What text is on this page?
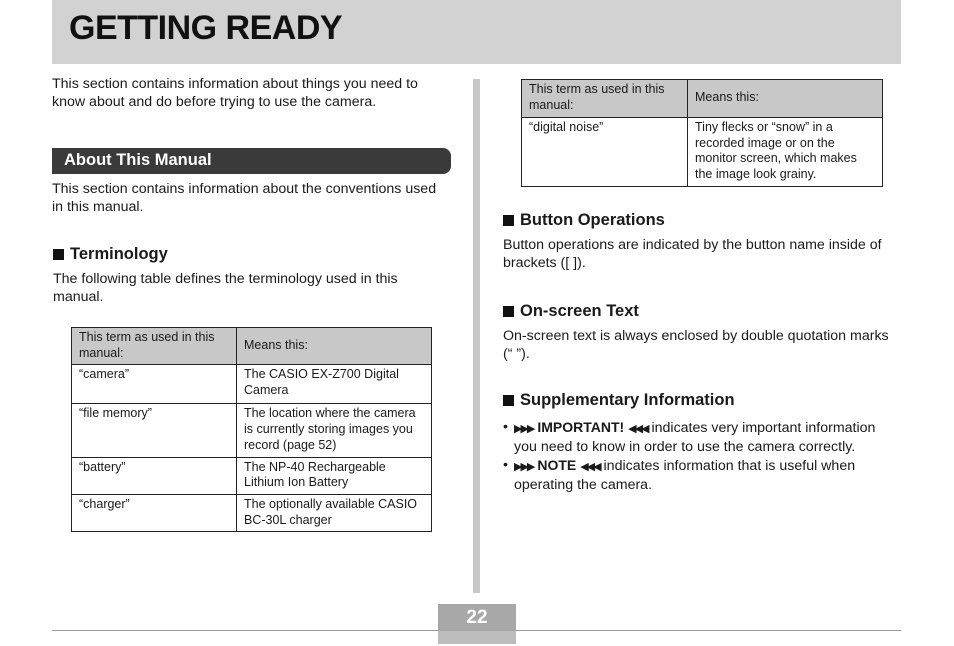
GETTING READY

This section contains information about things you need to know about and do before trying to use the camera.

About This Manual

This section contains information about the conventions used in this manual.

Terminology

The following table defines the terminology used in this manual.

This term as used in this manual:	Means this:
“camera”	The CASIO EX-Z700 Digital Camera
“file memory”	The location where the camera is currently storing images you record (page 52)
“battery”	The NP-40 Rechargeable Lithium Ion Battery
“charger”	The optionally available CASIO BC-30L charger
This term as used in this manual:	Means this:
“digital noise”	Tiny flecks or “snow” in a recorded image or on the monitor screen, which makes the image look grainy.
Button Operations

Button operations are indicated by the button name inside of brackets ([ ]).

On-screen Text

On-screen text is always enclosed by double quotation marks (“ ”).

Supplementary Information
• ▶▶▶ IMPORTANT! ◀◀◀ indicates very important information you need to know in order to use the camera correctly.
• ▶▶▶ NOTE ◀◀◀ indicates information that is useful when operating the camera.
22
